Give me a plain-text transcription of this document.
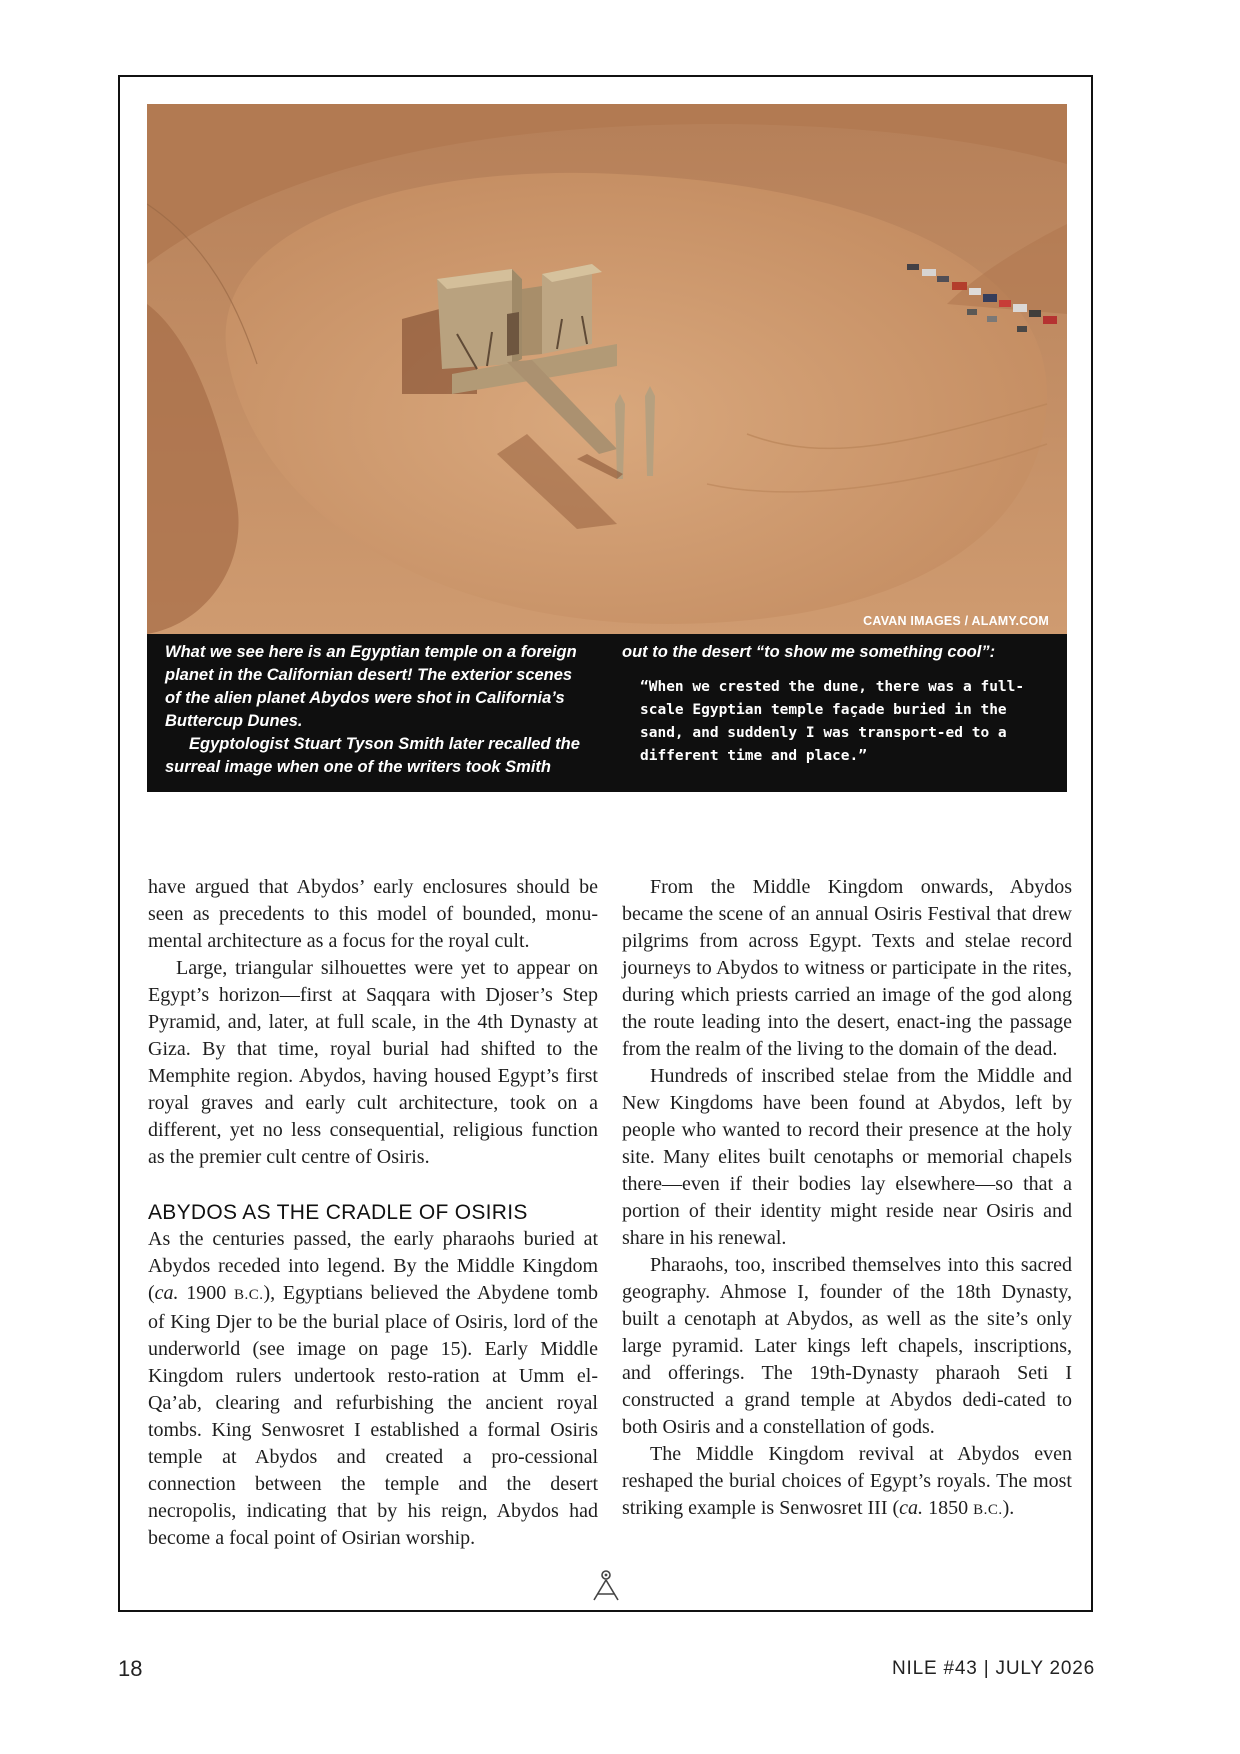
CAVAN IMAGES / ALAMY.COM

What we see here is an Egyptian temple on a foreign planet in the Californian desert! The exterior scenes of the alien planet Abydos were shot in California’s Buttercup Dunes.

Egyptologist Stuart Tyson Smith later recalled the surreal image when one of the writers took Smith

out to the desert “to show me something cool”:

“When we crested the dune, there was a full-scale Egyptian temple façade buried in the sand, and suddenly I was transport-ed to a different time and place.”

have argued that Abydos’ early enclosures should be seen as precedents to this model of bounded, monu-mental architecture as a focus for the royal cult.

Large, triangular silhouettes were yet to appear on Egypt’s horizon—first at Saqqara with Djoser’s Step Pyramid, and, later, at full scale, in the 4th Dynasty at Giza. By that time, royal burial had shifted to the Memphite region. Abydos, having housed Egypt’s first royal graves and early cult architecture, took on a different, yet no less consequential, religious function as the premier cult centre of Osiris.

ABYDOS AS THE CRADLE OF OSIRIS

As the centuries passed, the early pharaohs buried at Abydos receded into legend. By the Middle Kingdom (ca. 1900 B.C.), Egyptians believed the Abydene tomb of King Djer to be the burial place of Osiris, lord of the underworld (see image on page 15). Early Middle Kingdom rulers undertook resto-ration at Umm el-Qa’ab, clearing and refurbishing the ancient royal tombs. King Senwosret I established a formal Osiris temple at Abydos and created a pro-cessional connection between the temple and the desert necropolis, indicating that by his reign, Abydos had become a focal point of Osirian worship.

From the Middle Kingdom onwards, Abydos became the scene of an annual Osiris Festival that drew pilgrims from across Egypt. Texts and stelae record journeys to Abydos to witness or participate in the rites, during which priests carried an image of the god along the route leading into the desert, enact-ing the passage from the realm of the living to the domain of the dead.

Hundreds of inscribed stelae from the Middle and New Kingdoms have been found at Abydos, left by people who wanted to record their presence at the holy site. Many elites built cenotaphs or memorial chapels there—even if their bodies lay elsewhere—so that a portion of their identity might reside near Osiris and share in his renewal.

Pharaohs, too, inscribed themselves into this sacred geography. Ahmose I, founder of the 18th Dynasty, built a cenotaph at Abydos, as well as the site’s only large pyramid. Later kings left chapels, inscriptions, and offerings. The 19th-Dynasty pharaoh Seti I constructed a grand temple at Abydos dedi-cated to both Osiris and a constellation of gods.

The Middle Kingdom revival at Abydos even reshaped the burial choices of Egypt’s royals. The most striking example is Senwosret III (ca. 1850 B.C.).

18	NILE #43 | JULY 2026
